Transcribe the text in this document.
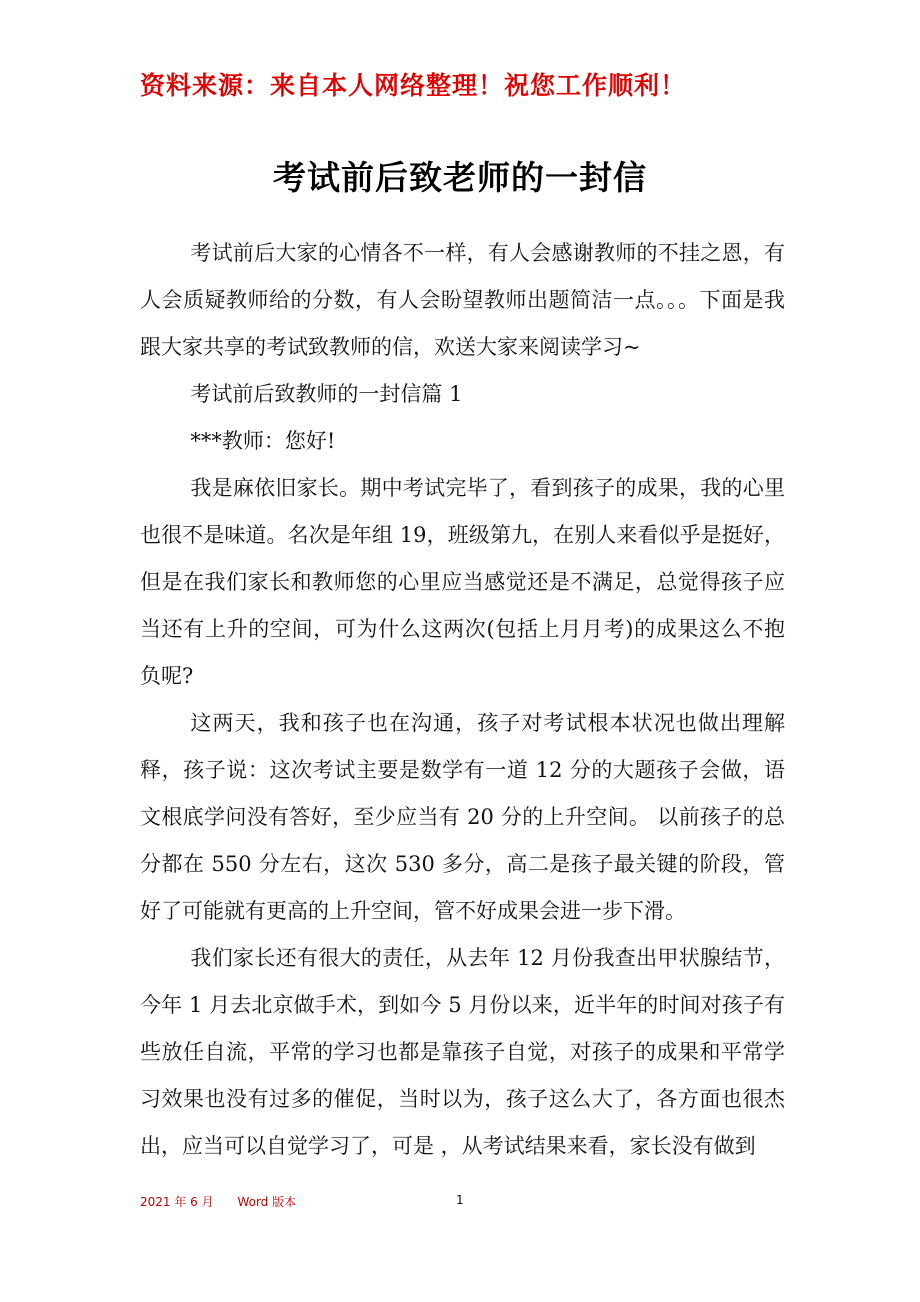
资料来源：来自本人网络整理！祝您工作顺利！
考试前后致老师的一封信

考试前后大家的心情各不一样，有人会感谢教师的不挂之恩，有人会质疑教师给的分数，有人会盼望教师出题简洁一点。。。下面是我跟大家共享的考试致教师的信，欢送大家来阅读学习~

考试前后致教师的一封信篇 1

***教师：您好!

我是麻依旧家长。期中考试完毕了，看到孩子的成果，我的心里也很不是味道。名次是年组 19，班级第九，在别人来看似乎是挺好，但是在我们家长和教师您的心里应当感觉还是不满足，总觉得孩子应当还有上升的空间，可为什么这两次(包括上月月考)的成果这么不抱负呢?

这两天，我和孩子也在沟通，孩子对考试根本状况也做出理解释，孩子说：这次考试主要是数学有一道 12 分的大题孩子会做，语文根底学问没有答好，至少应当有 20 分的上升空间。 以前孩子的总分都在 550 分左右，这次 530 多分，高二是孩子最关键的阶段，管好了可能就有更高的上升空间，管不好成果会进一步下滑。

我们家长还有很大的责任，从去年 12 月份我查出甲状腺结节，今年 1 月去北京做手术，到如今 5 月份以来，近半年的时间对孩子有些放任自流，平常的学习也都是靠孩子自觉，对孩子的成果和平常学习效果也没有过多的催促，当时以为，孩子这么大了，各方面也很杰出，应当可以自觉学习了，可是 ，从考试结果来看，家长没有做到

2021 年 6 月 Word 版本	1
